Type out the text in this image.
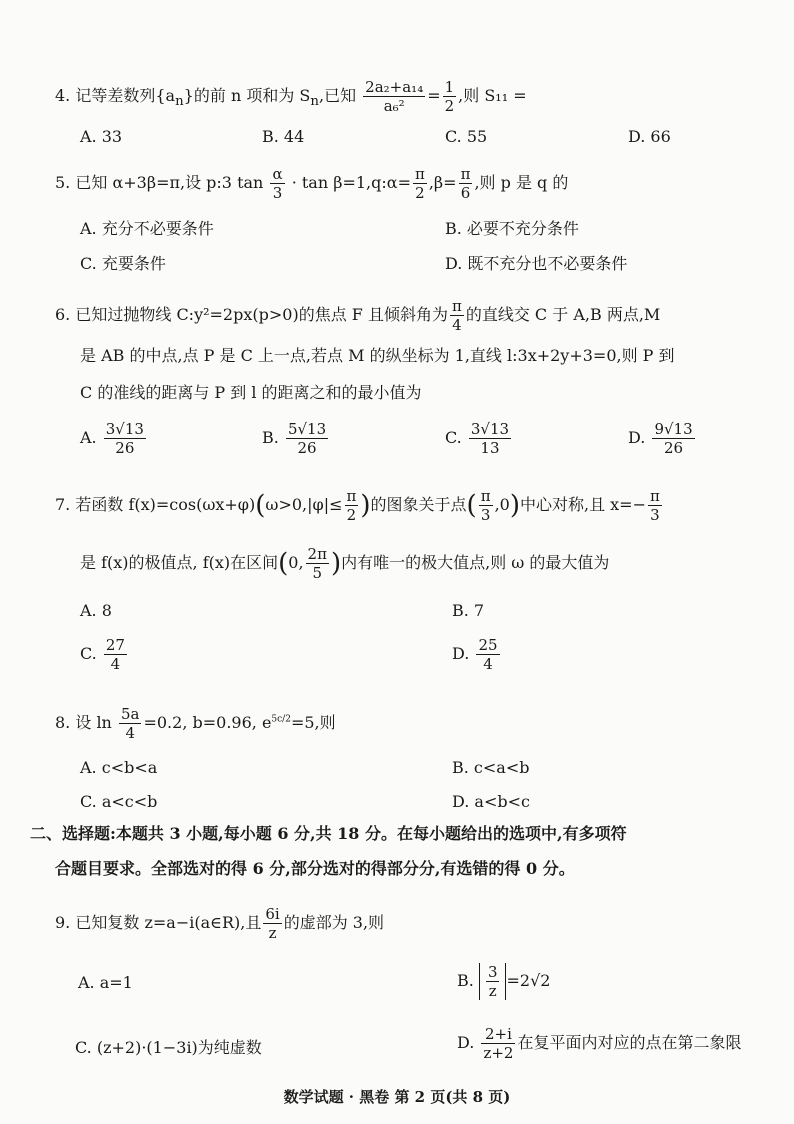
4. 记等差数列$\{a_n\}$的前 n 项和为 $S_n$,已知 $\frac{\text{2a₂+a₁₄}}{\text{a₆²}} = \frac{1}{2}$ ,则 S₁₁ =
A. 33	B. 44	C. 55	D. 66
5. 已知 α+3β=π,设 p:3 $\tan \frac{\alpha}{3} \cdot \tan$ β=1,q:α= $\frac{\pi}{2} ,\beta= \frac{\pi}{6}$ ,则 p 是 q 的
A. 充分不必要条件	B. 必要不充分条件
C. 充要条件	D. 既不充分也不必要条件
6. 已知过抛物线 C:y²=2px(p>0)的焦点 F 且倾斜角为 $\frac{\pi}{4}$ 的直线交 C 于 A,B 两点,M
是 AB 的中点,点 P 是 C 上一点,若点 M 的纵坐标为 1,直线 l:3x+2y+3=0,则 P 到
C 的准线的距离与 P 到 l 的距离之和的最小值为
A. $\frac{3√13}{26}$	B. $\frac{5√13}{26}$	C. $\frac{3√13}{13}$	D. $\frac{9√13}{26}$
7. 若函数 $f(x)=\cos(\omega x+\varphi)(\omega>0,|\varphi|\le \frac{\pi}{2}$ )的图象关于点( $\frac{\pi}{3} ,0$)中心对称,且 $x=- \frac{\pi}{3}$
是 f(x)的极值点, f(x)在区间(0, $\frac{2\pi}{5}$ )内有唯一的极大值点,则 ω 的最大值为
A. 8	B. 7
C. $\frac{27}{4}$	D. $\frac{25}{4}$
8. 设 $\ln \frac{5a}{4} =0.2$, b=0.96, $e^{5c/2}=5$,则
A. c<b<a	B. c<a<b
C. a<c<b	D. a<b<c
二、选择题:本题共 3 小题,每小题 6 分,共 18 分。在每小题给出的选项中,有多项符
合题目要求。全部选对的得 6 分,部分选对的得部分分,有选错的得 0 分。
9. 已知复数 z=a−i(a∈R),且 $\frac{6i}{z}$ 的虚部为 3,则
A. a=1	B. $\frac{3}{z} =2√2$
C. (z+2)·(1−3i)为纯虚数	D. $\frac{2+i}{z+2}$ 在复平面内对应的点在第二象限
数学试题 · 黑卷 第 2 页(共 8 页)
